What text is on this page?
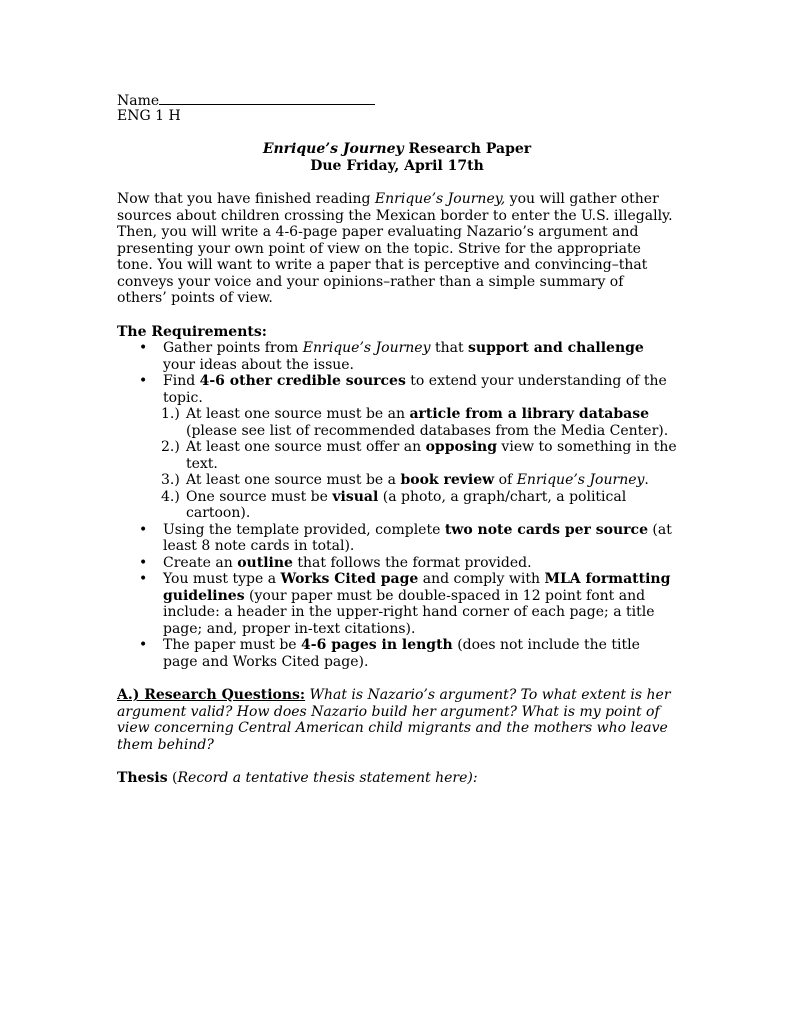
Name
ENG 1 H
Enrique’s Journey Research Paper
Due Friday, April 17th
Now that you have finished reading Enrique’s Journey, you will gather other sources about children crossing the Mexican border to enter the U.S. illegally. Then, you will write a 4-6-page paper evaluating Nazario’s argument and presenting your own point of view on the topic. Strive for the appropriate tone. You will want to write a paper that is perceptive and convincing–that conveys your voice and your opinions–rather than a simple summary of others’ points of view.
The Requirements:
• Gather points from Enrique’s Journey that support and challenge your ideas about the issue.
• Find 4-6 other credible sources to extend your understanding of the topic.
1.) At least one source must be an article from a library database (please see list of recommended databases from the Media Center).
2.) At least one source must offer an opposing view to something in the text.
3.) At least one source must be a book review of Enrique’s Journey.
4.) One source must be visual (a photo, a graph/chart, a political cartoon).
• Using the template provided, complete two note cards per source (at least 8 note cards in total).
• Create an outline that follows the format provided.
• You must type a Works Cited page and comply with MLA formatting guidelines (your paper must be double-spaced in 12 point font and include: a header in the upper-right hand corner of each page; a title page; and, proper in-text citations).
• The paper must be 4-6 pages in length (does not include the title page and Works Cited page).
A.) Research Questions: What is Nazario’s argument? To what extent is her argument valid? How does Nazario build her argument? What is my point of view concerning Central American child migrants and the mothers who leave them behind?
Thesis (Record a tentative thesis statement here):
